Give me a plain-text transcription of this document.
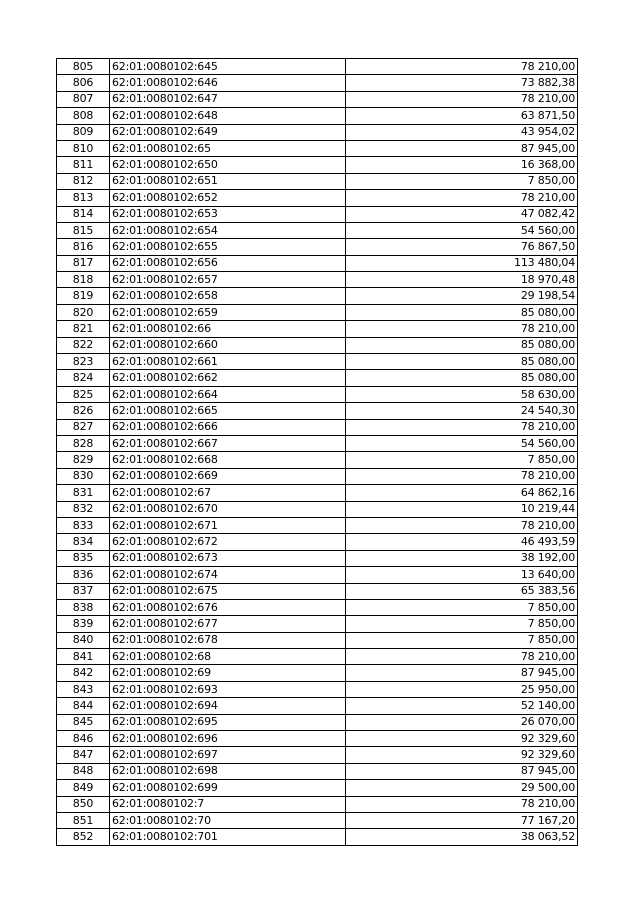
805	62:01:0080102:645	78 210,00
806	62:01:0080102:646	73 882,38
807	62:01:0080102:647	78 210,00
808	62:01:0080102:648	63 871,50
809	62:01:0080102:649	43 954,02
810	62:01:0080102:65	87 945,00
811	62:01:0080102:650	16 368,00
812	62:01:0080102:651	7 850,00
813	62:01:0080102:652	78 210,00
814	62:01:0080102:653	47 082,42
815	62:01:0080102:654	54 560,00
816	62:01:0080102:655	76 867,50
817	62:01:0080102:656	113 480,04
818	62:01:0080102:657	18 970,48
819	62:01:0080102:658	29 198,54
820	62:01:0080102:659	85 080,00
821	62:01:0080102:66	78 210,00
822	62:01:0080102:660	85 080,00
823	62:01:0080102:661	85 080,00
824	62:01:0080102:662	85 080,00
825	62:01:0080102:664	58 630,00
826	62:01:0080102:665	24 540,30
827	62:01:0080102:666	78 210,00
828	62:01:0080102:667	54 560,00
829	62:01:0080102:668	7 850,00
830	62:01:0080102:669	78 210,00
831	62:01:0080102:67	64 862,16
832	62:01:0080102:670	10 219,44
833	62:01:0080102:671	78 210,00
834	62:01:0080102:672	46 493,59
835	62:01:0080102:673	38 192,00
836	62:01:0080102:674	13 640,00
837	62:01:0080102:675	65 383,56
838	62:01:0080102:676	7 850,00
839	62:01:0080102:677	7 850,00
840	62:01:0080102:678	7 850,00
841	62:01:0080102:68	78 210,00
842	62:01:0080102:69	87 945,00
843	62:01:0080102:693	25 950,00
844	62:01:0080102:694	52 140,00
845	62:01:0080102:695	26 070,00
846	62:01:0080102:696	92 329,60
847	62:01:0080102:697	92 329,60
848	62:01:0080102:698	87 945,00
849	62:01:0080102:699	29 500,00
850	62:01:0080102:7	78 210,00
851	62:01:0080102:70	77 167,20
852	62:01:0080102:701	38 063,52
